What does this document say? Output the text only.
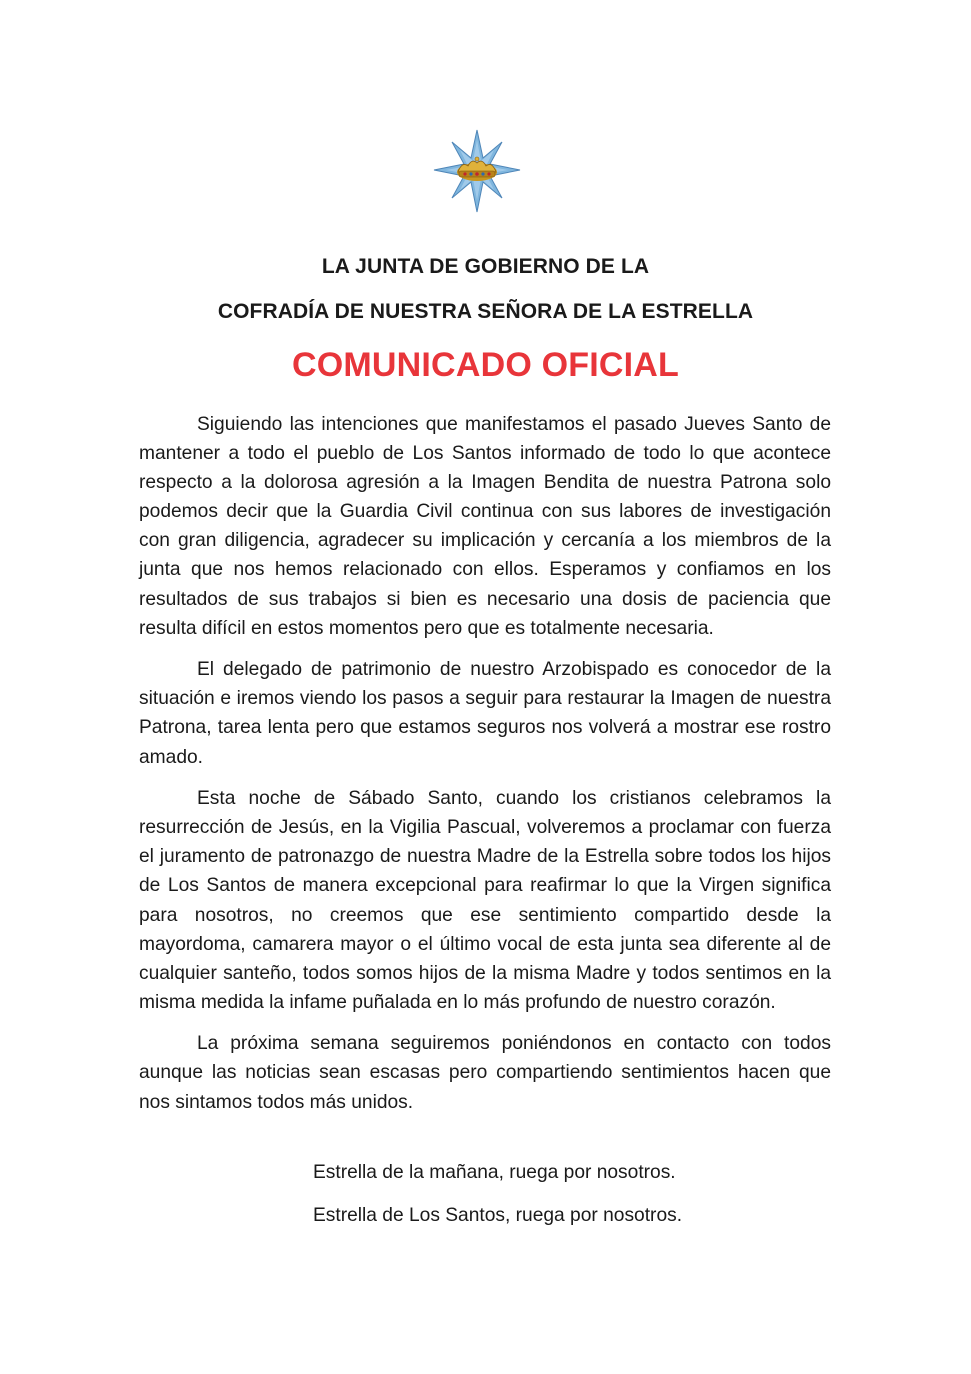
LA JUNTA DE GOBIERNO DE LA
COFRADÍA DE NUESTRA SEÑORA DE LA ESTRELLA
COMUNICADO OFICIAL

Siguiendo las intenciones que manifestamos el pasado Jueves Santo de mantener a todo el pueblo de Los Santos informado de todo lo que acontece respecto a la dolorosa agresión a la Imagen Bendita de nuestra Patrona solo podemos decir que la Guardia Civil continua con sus labores de investigación con gran diligencia, agradecer su implicación y cercanía a los miembros de la junta que nos hemos relacionado con ellos. Esperamos y confiamos en los resultados de sus trabajos si bien es necesario una dosis de paciencia que resulta difícil en estos momentos pero que es totalmente necesaria.

El delegado de patrimonio de nuestro Arzobispado es conocedor de la situación e iremos viendo los pasos a seguir para restaurar la Imagen de nuestra Patrona, tarea lenta pero que estamos seguros nos volverá a mostrar ese rostro amado.

Esta noche de Sábado Santo, cuando los cristianos celebramos la resurrección de Jesús, en la Vigilia Pascual, volveremos a proclamar con fuerza el juramento de patronazgo de nuestra Madre de la Estrella sobre todos los hijos de Los Santos de manera excepcional para reafirmar lo que la Virgen significa para nosotros, no creemos que ese sentimiento compartido desde la mayordoma, camarera mayor o el último vocal de esta junta sea diferente al de cualquier santeño, todos somos hijos de la misma Madre y todos sentimos en la misma medida la infame puñalada en lo más profundo de nuestro corazón.

La próxima semana seguiremos poniéndonos en contacto con todos aunque las noticias sean escasas pero compartiendo sentimientos hacen que nos sintamos todos más unidos.

Estrella de la mañana, ruega por nosotros.
Estrella de Los Santos, ruega por nosotros.
